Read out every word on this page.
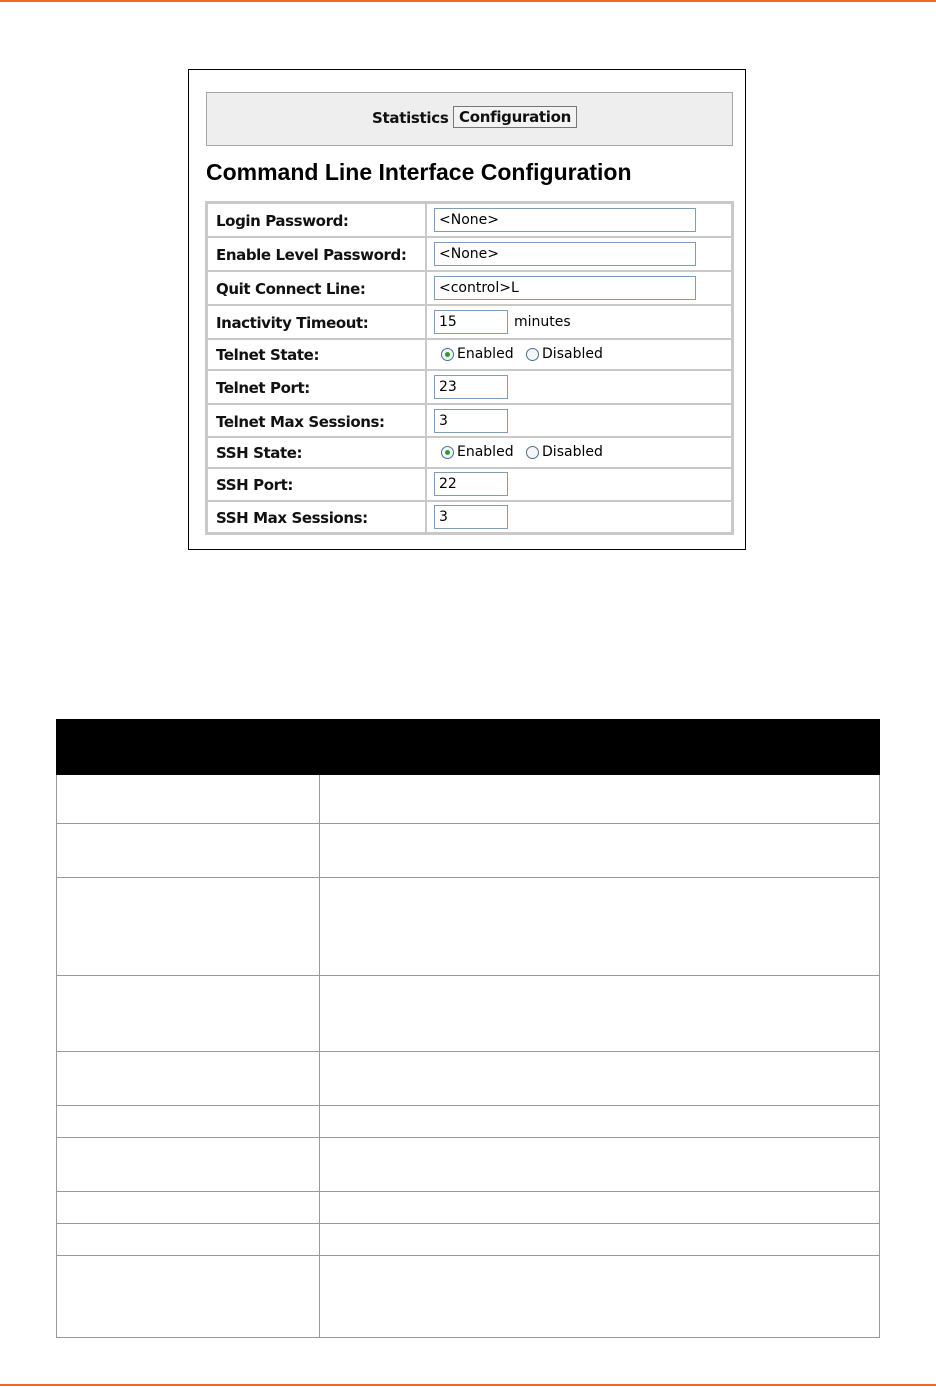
Statistics Configuration
Command Line Interface Configuration
Login Password:	<None>
Enable Level Password:	<None>
Quit Connect Line:	<control>L
Inactivity Timeout:	15	minutes
Telnet State:	Enabled Disabled
Telnet Port:	23
Telnet Max Sessions:	3
SSH State:	Enabled Disabled
SSH Port:	22
SSH Max Sessions:	3
